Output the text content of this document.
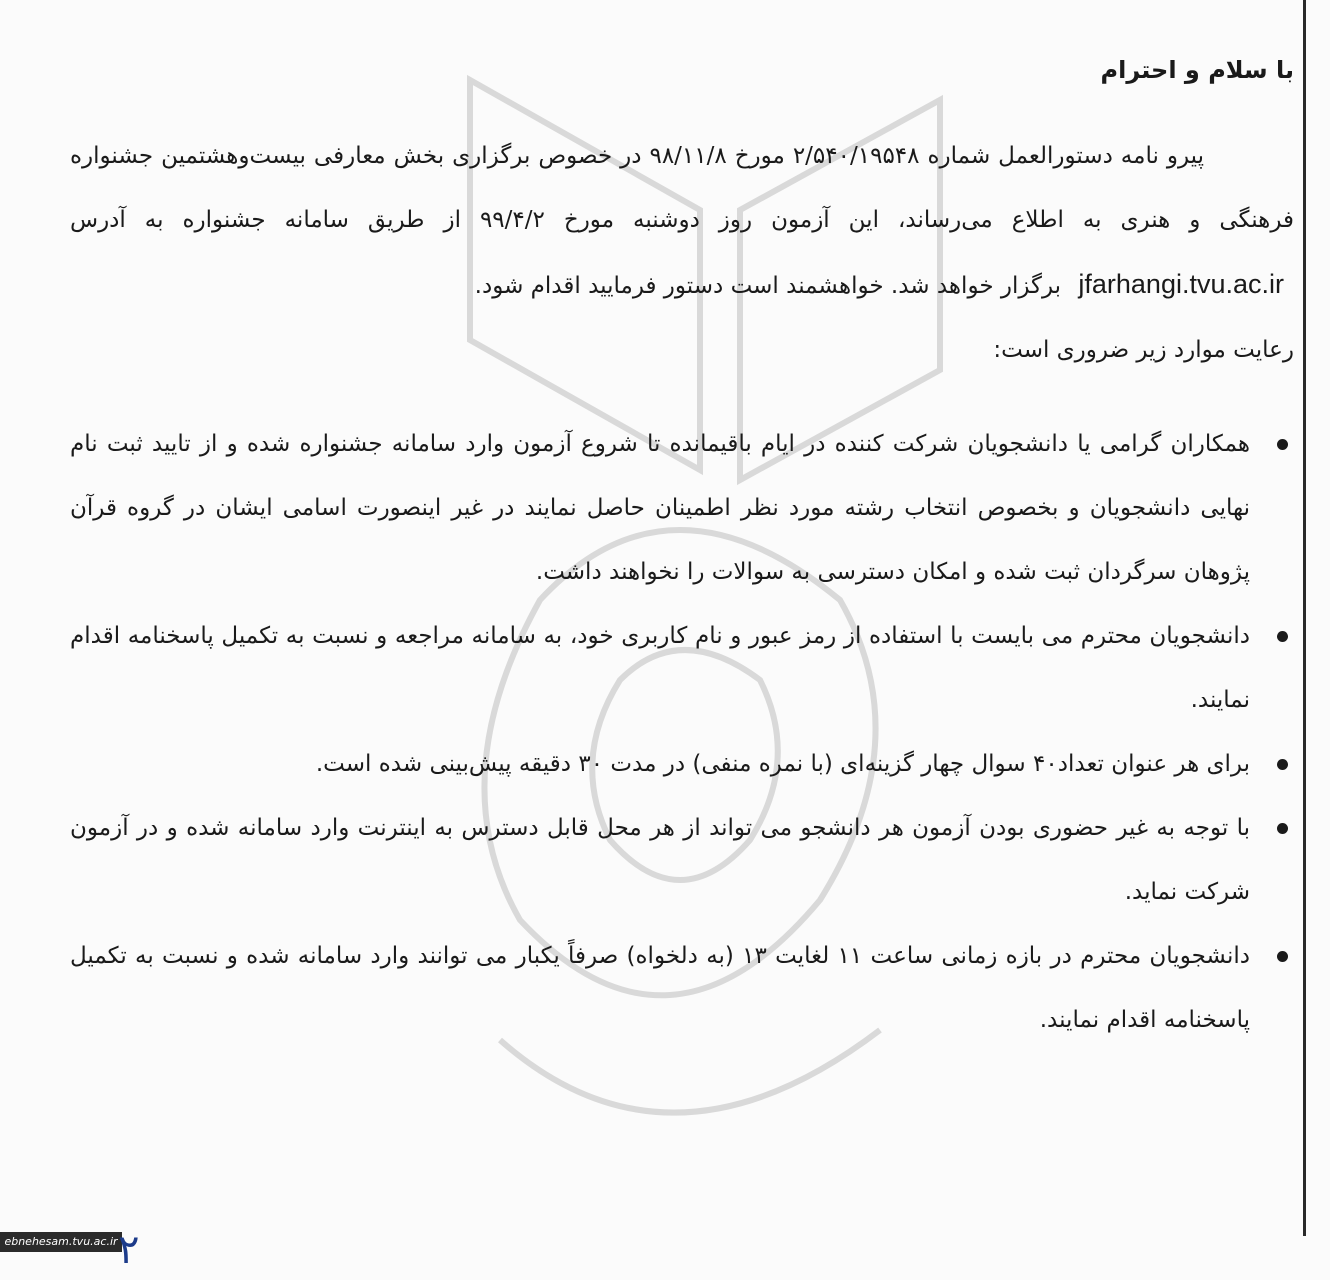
با سلام و احترام

پیرو نامه دستورالعمل شماره ۲/۵۴۰/۱۹۵۴۸ مورخ ۹۸/۱۱/۸ در خصوص برگزاری بخش معارفی بیست‌وهشتمین جشنواره فرهنگی و هنری به اطلاع می‌رساند، این آزمون روز دوشنبه مورخ ۹۹/۴/۲ از طریق سامانه جشنواره به آدرس jfarhangi.tvu.ac.ir برگزار خواهد شد. خواهشمند است دستور فرمایید اقدام شود.

رعایت موارد زیر ضروری است:
همکاران گرامی یا دانشجویان شرکت کننده در ایام باقیمانده تا شروع آزمون وارد سامانه جشنواره شده و از تایید ثبت نام نهایی دانشجویان و بخصوص انتخاب رشته مورد نظر اطمینان حاصل نمایند در غیر اینصورت اسامی ایشان در گروه قرآن پژوهان سرگردان ثبت شده و امکان دسترسی به سوالات را نخواهند داشت.
دانشجویان محترم می بایست با استفاده از رمز عبور و نام کاربری خود، به سامانه مراجعه و نسبت به تکمیل پاسخنامه اقدام نمایند.
برای هر عنوان تعداد۴۰ سوال چهار گزینه‌ای (با نمره منفی) در مدت ۳۰ دقیقه پیش‌بینی شده است.
با توجه به غیر حضوری بودن آزمون هر دانشجو می تواند از هر محل قابل دسترس به اینترنت وارد سامانه شده و در آزمون شرکت نماید.
دانشجویان محترم در بازه زمانی ساعت ۱۱ لغایت ۱۳ (به دلخواه) صرفاً یکبار می توانند وارد سامانه شده و نسبت به تکمیل پاسخنامه اقدام نمایند.
ebnehesam.tvu.ac.ir ۲
